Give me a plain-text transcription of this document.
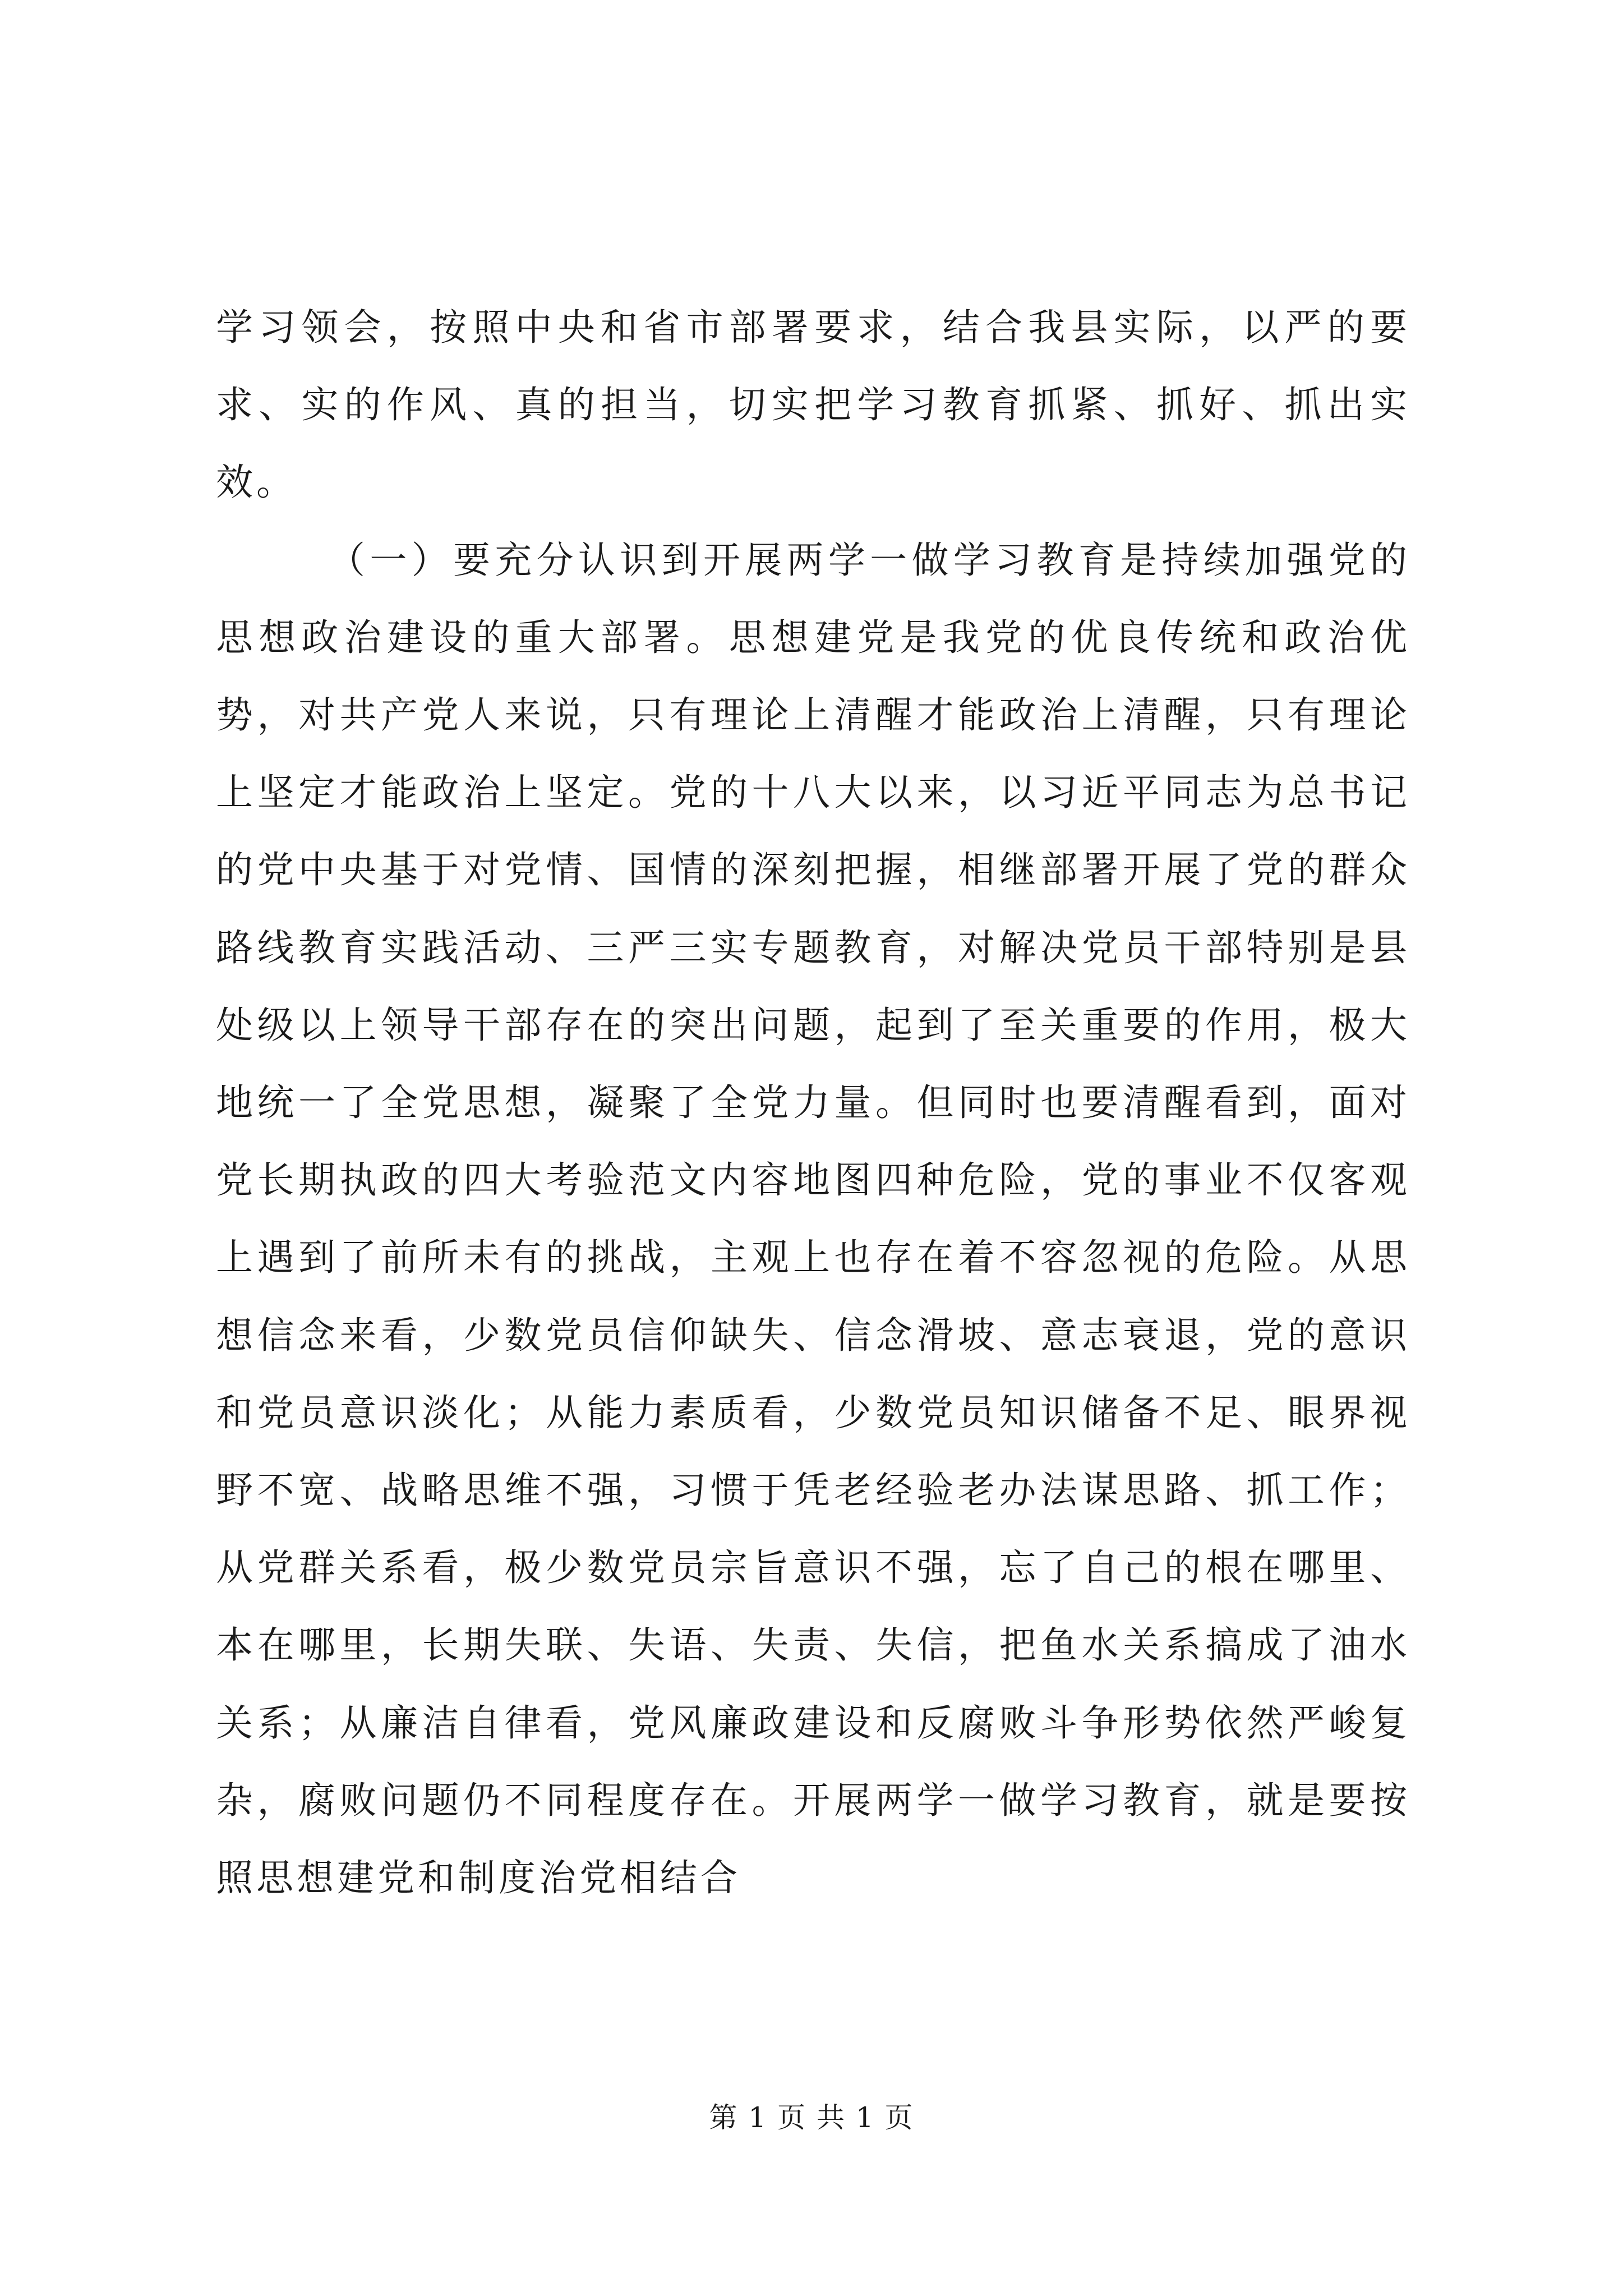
学习领会，按照中央和省市部署要求，结合我县实际，以严的要求、实的作风、真的担当，切实把学习教育抓紧、抓好、抓出实效。

（一）要充分认识到开展两学一做学习教育是持续加强党的思想政治建设的重大部署。思想建党是我党的优良传统和政治优势，对共产党人来说，只有理论上清醒才能政治上清醒，只有理论上坚定才能政治上坚定。党的十八大以来，以习近平同志为总书记的党中央基于对党情、国情的深刻把握，相继部署开展了党的群众路线教育实践活动、三严三实专题教育，对解决党员干部特别是县处级以上领导干部存在的突出问题，起到了至关重要的作用，极大地统一了全党思想，凝聚了全党力量。但同时也要清醒看到，面对党长期执政的四大考验范文内容地图四种危险，党的事业不仅客观上遇到了前所未有的挑战，主观上也存在着不容忽视的危险。从思想信念来看，少数党员信仰缺失、信念滑坡、意志衰退，党的意识和党员意识淡化；从能力素质看，少数党员知识储备不足、眼界视野不宽、战略思维不强，习惯于凭老经验老办法谋思路、抓工作；从党群关系看，极少数党员宗旨意识不强，忘了自己的根在哪里、本在哪里，长期失联、失语、失责、失信，把鱼水关系搞成了油水关系；从廉洁自律看，党风廉政建设和反腐败斗争形势依然严峻复杂，腐败问题仍不同程度存在。开展两学一做学习教育，就是要按照思想建党和制度治党相结合

第 1 页 共 1 页
